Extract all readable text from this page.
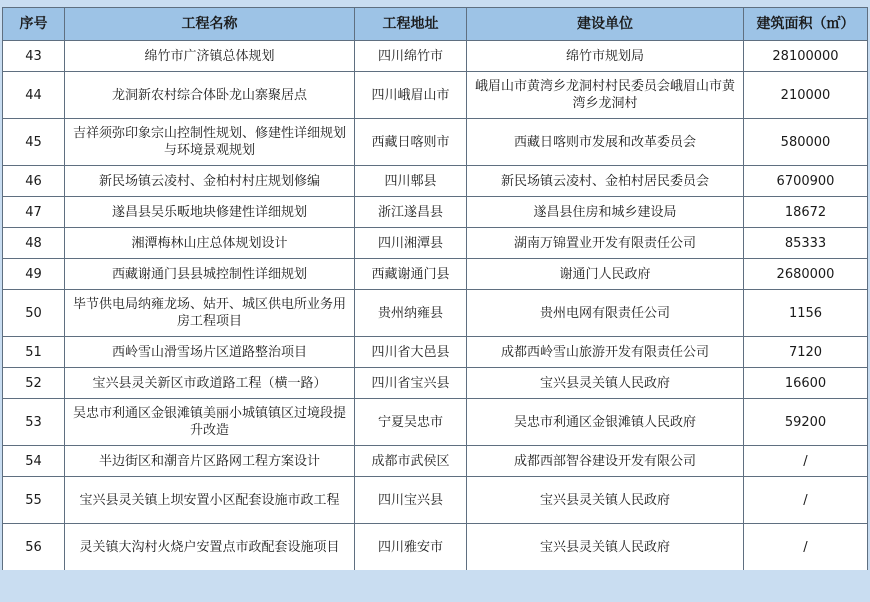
序号	工程名称	工程地址	建设单位	建筑面积（㎡）
43	绵竹市广济镇总体规划	四川绵竹市	绵竹市规划局	28100000
44	龙洞新农村综合体卧龙山寨聚居点	四川峨眉山市	峨眉山市黄湾乡龙洞村村民委员会峨眉山市黄湾乡龙洞村	210000
45	吉祥须弥印象宗山控制性规划、修建性详细规划与环境景观规划	西藏日喀则市	西藏日喀则市发展和改革委员会	580000
46	新民场镇云凌村、金柏村村庄规划修编	四川郫县	新民场镇云凌村、金柏村居民委员会	6700900
47	遂昌县吴乐畈地块修建性详细规划	浙江遂昌县	遂昌县住房和城乡建设局	18672
48	湘潭梅林山庄总体规划设计	四川湘潭县	湖南万锦置业开发有限责任公司	85333
49	西藏谢通门县县城控制性详细规划	西藏谢通门县	谢通门人民政府	2680000
50	毕节供电局纳雍龙场、姑开、城区供电所业务用房工程项目	贵州纳雍县	贵州电网有限责任公司	1156
51	西岭雪山滑雪场片区道路整治项目	四川省大邑县	成都西岭雪山旅游开发有限责任公司	7120
52	宝兴县灵关新区市政道路工程（横一路）	四川省宝兴县	宝兴县灵关镇人民政府	16600
53	吴忠市利通区金银滩镇美丽小城镇镇区过境段提升改造	宁夏吴忠市	吴忠市利通区金银滩镇人民政府	59200
54	半边街区和潮音片区路网工程方案设计	成都市武侯区	成都西部智谷建设开发有限公司	/
55	宝兴县灵关镇上坝安置小区配套设施市政工程	四川宝兴县	宝兴县灵关镇人民政府	/
56	灵关镇大沟村火烧户安置点市政配套设施项目	四川雅安市	宝兴县灵关镇人民政府	/
